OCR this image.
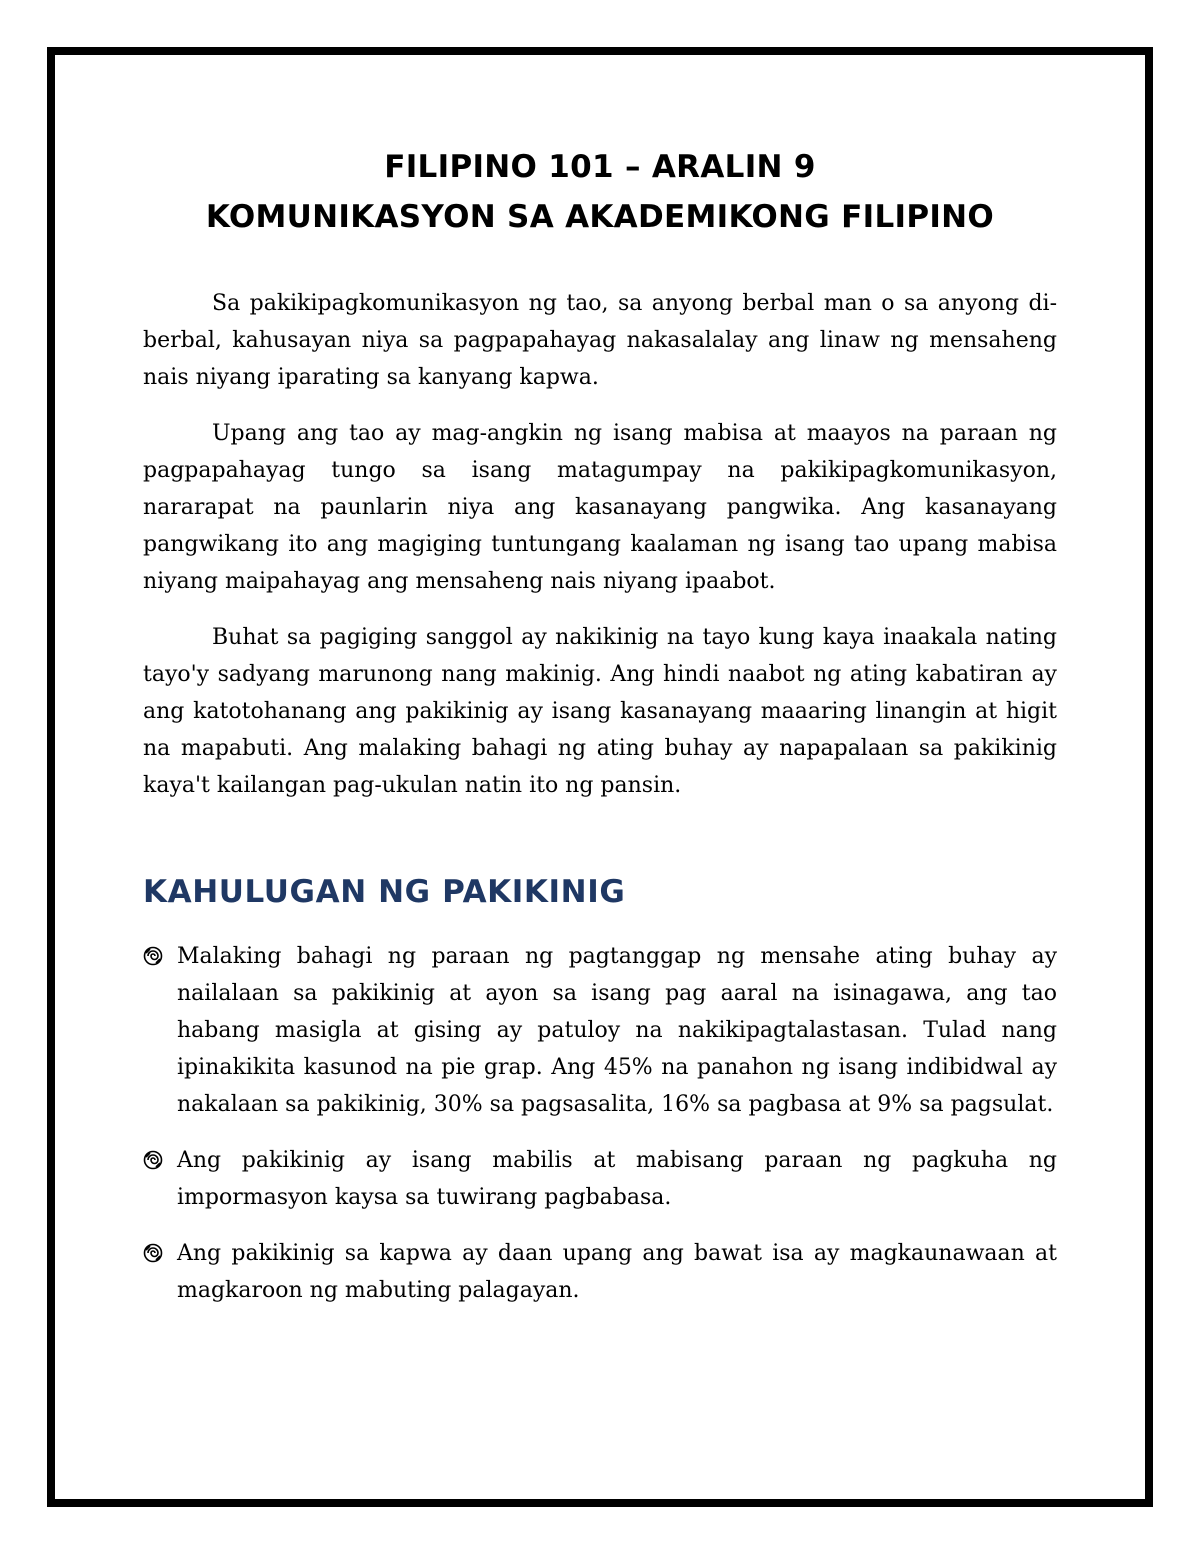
FILIPINO 101 – ARALIN 9
KOMUNIKASYON SA AKADEMIKONG FILIPINO

Sa pakikipagkomunikasyon ng tao, sa anyong berbal man o sa anyong di-berbal, kahusayan niya sa pagpapahayag nakasalalay ang linaw ng mensaheng nais niyang iparating sa kanyang kapwa.

Upang ang tao ay mag-angkin ng isang mabisa at maayos na paraan ng pagpapahayag tungo sa isang matagumpay na pakikipagkomunikasyon, nararapat na paunlarin niya ang kasanayang pangwika. Ang kasanayang pangwikang ito ang magiging tuntungang kaalaman ng isang tao upang mabisa niyang maipahayag ang mensaheng nais niyang ipaabot.

Buhat sa pagiging sanggol ay nakikinig na tayo kung kaya inaakala nating tayo'y sadyang marunong nang makinig. Ang hindi naabot ng ating kabatiran ay ang katotohanang ang pakikinig ay isang kasanayang maaaring linangin at higit na mapabuti. Ang malaking bahagi ng ating buhay ay napapalaan sa pakikinig kaya't kailangan pag-ukulan natin ito ng pansin.

KAHULUGAN NG PAKIKINIG
Malaking bahagi ng paraan ng pagtanggap ng mensahe ating buhay ay nailalaan sa pakikinig at ayon sa isang pag aaral na isinagawa, ang tao habang masigla at gising ay patuloy na nakikipagtalastasan. Tulad nang ipinakikita kasunod na pie grap. Ang 45% na panahon ng isang indibidwal ay nakalaan sa pakikinig, 30% sa pagsasalita, 16% sa pagbasa at 9% sa pagsulat.
Ang pakikinig ay isang mabilis at mabisang paraan ng pagkuha ng impormasyon kaysa sa tuwirang pagbabasa.
Ang pakikinig sa kapwa ay daan upang ang bawat isa ay magkaunawaan at magkaroon ng mabuting palagayan.
